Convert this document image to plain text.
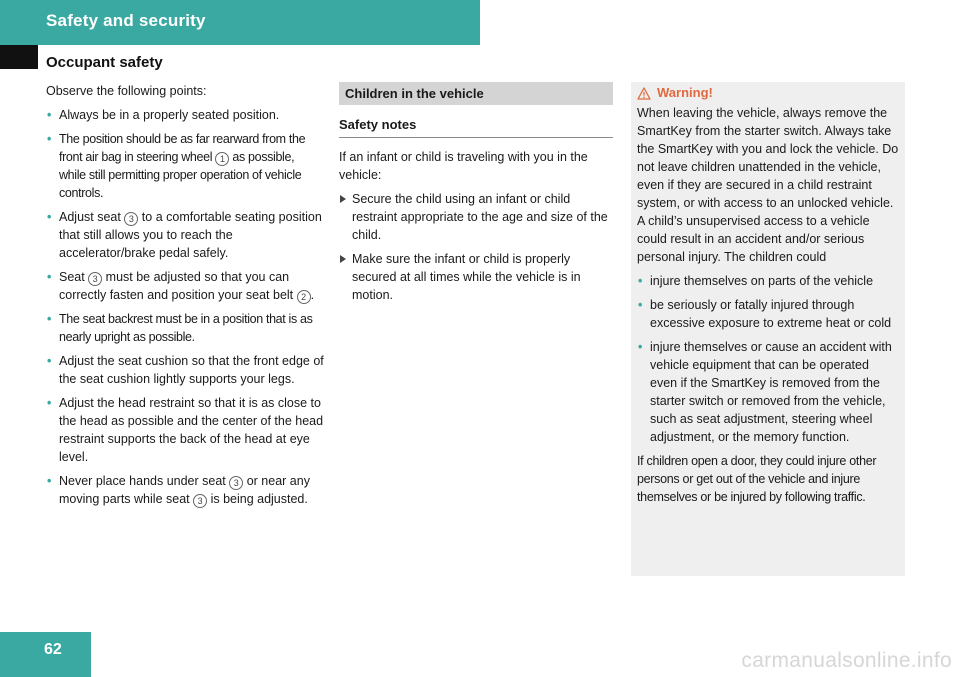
Safety and security
Occupant safety

Observe the following points:

• Always be in a properly seated position.
• The position should be as far rearward from the front air bag in steering wheel 1 as possible, while still permitting proper operation of vehicle controls.
• Adjust seat 3 to a comfortable seating position that still allows you to reach the accelerator/brake pedal safely.
• Seat 3 must be adjusted so that you can correctly fasten and position your seat belt 2 .
• The seat backrest must be in a position that is as nearly upright as possible.
• Adjust the seat cushion so that the front edge of the seat cushion lightly supports your legs.
• Adjust the head restraint so that it is as close to the head as possible and the center of the head restraint supports the back of the head at eye level.
• Never place hands under seat 3 or near any moving parts while seat 3 is being adjusted.
Children in the vehicle
Safety notes

If an infant or child is traveling with you in the vehicle:

Secure the child using an infant or child restraint appropriate to the age and size of the child.
Make sure the infant or child is properly secured at all times while the vehicle is in motion.
Warning!

When leaving the vehicle, always remove the SmartKey from the starter switch. Always take the SmartKey with you and lock the vehicle. Do not leave children unattended in the vehicle, even if they are secured in a child restraint system, or with access to an unlocked vehicle. A child’s unsupervised access to a vehicle could result in an accident and/or serious personal injury. The children could

• injure themselves on parts of the vehicle
• be seriously or fatally injured through excessive exposure to extreme heat or cold
• injure themselves or cause an accident with vehicle equipment that can be operated even if the SmartKey is removed from the starter switch or removed from the vehicle, such as seat adjustment, steering wheel adjustment, or the memory function.

If children open a door, they could injure other persons or get out of the vehicle and injure themselves or be injured by following traffic.

62	carmanualsonline.info
